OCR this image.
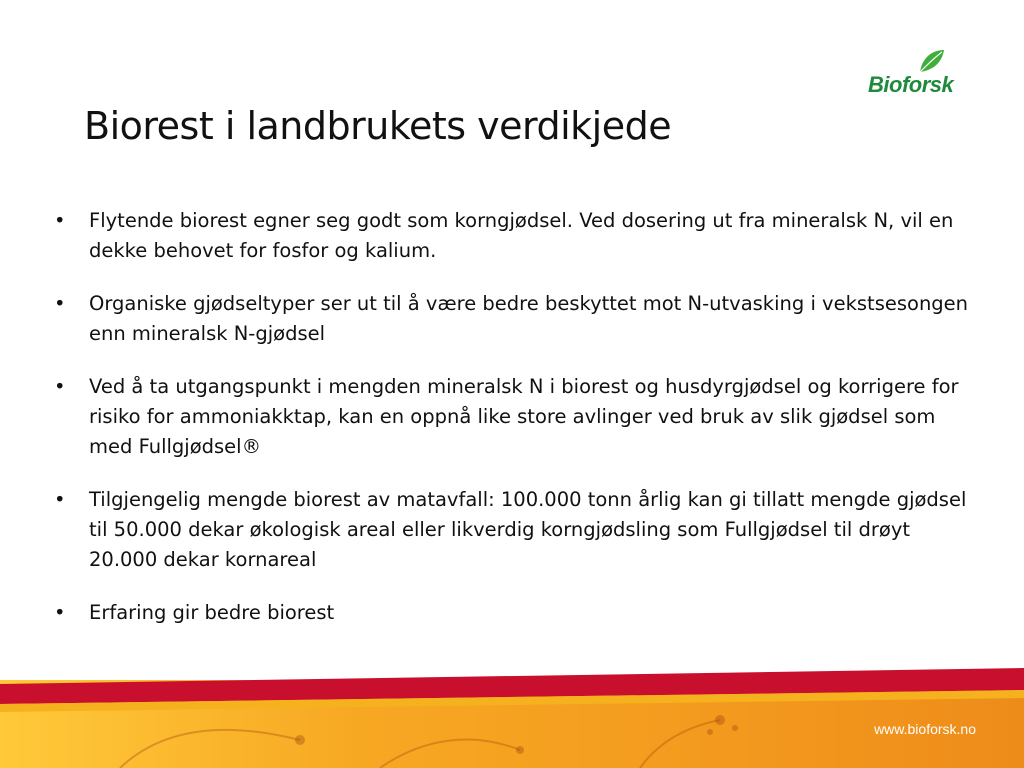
Bioforsk
Biorest i landbrukets verdikjede
•	Flytende biorest egner seg godt som korngjødsel. Ved dosering ut fra mineralsk N, vil en dekke behovet for fosfor og kalium.
•	Organiske gjødseltyper ser ut til å være bedre beskyttet mot N-utvasking i vekstsesongen enn mineralsk N-gjødsel
•	Ved å ta utgangspunkt i mengden mineralsk N i biorest og husdyrgjødsel og korrigere for risiko for ammoniakktap, kan en oppnå like store avlinger ved bruk av slik gjødsel som med Fullgjødsel®
•	Tilgjengelig mengde biorest av matavfall: 100.000 tonn årlig kan gi tillatt mengde gjødsel til 50.000 dekar økologisk areal eller likverdig korngjødsling som Fullgjødsel til drøyt 20.000 dekar kornareal
•	Erfaring gir bedre biorest
www.bioforsk.no
